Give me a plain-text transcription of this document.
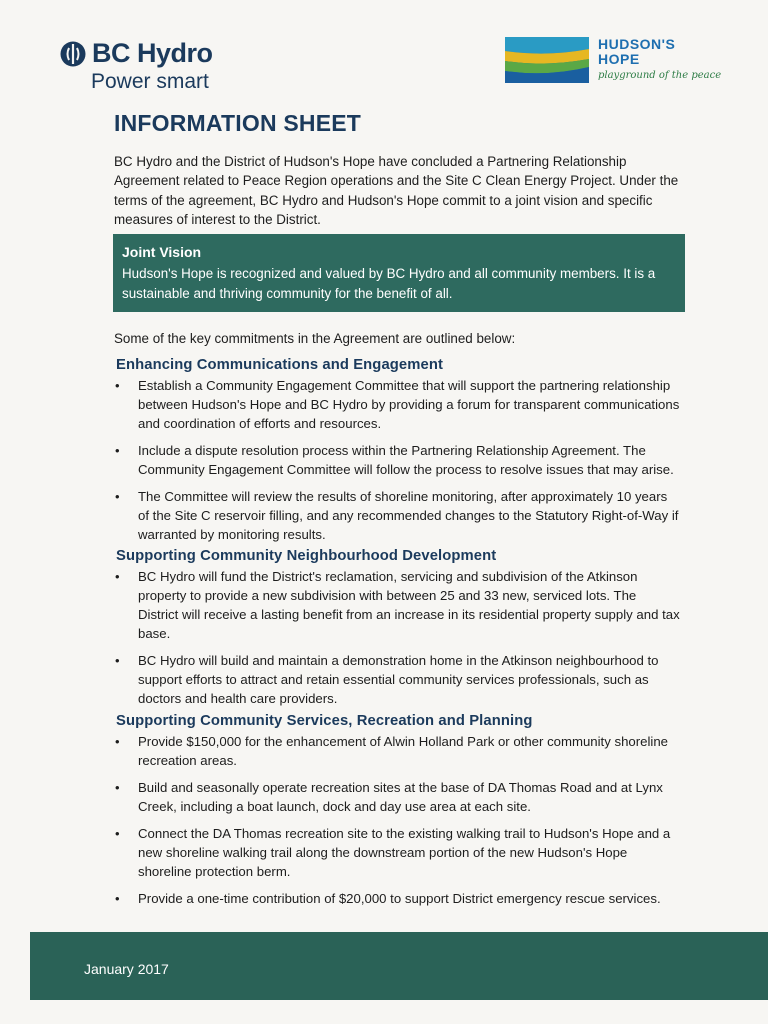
BC Hydro
Power smart
HUDSON'S
HOPE
playground of the peace
INFORMATION SHEET

BC Hydro and the District of Hudson's Hope have concluded a Partnering Relationship Agreement related to Peace Region operations and the Site C Clean Energy Project. Under the terms of the agreement, BC Hydro and Hudson's Hope commit to a joint vision and specific measures of interest to the District.

Joint Vision

Hudson's Hope is recognized and valued by BC Hydro and all community members. It is a sustainable and thriving community for the benefit of all.

Some of the key commitments in the Agreement are outlined below:

Enhancing Communications and Engagement
• Establish a Community Engagement Committee that will support the partnering relationship between Hudson's Hope and BC Hydro by providing a forum for transparent communications and coordination of efforts and resources.
• Include a dispute resolution process within the Partnering Relationship Agreement. The Community Engagement Committee will follow the process to resolve issues that may arise.
• The Committee will review the results of shoreline monitoring, after approximately 10 years of the Site C reservoir filling, and any recommended changes to the Statutory Right-of-Way if warranted by monitoring results.
Supporting Community Neighbourhood Development
• BC Hydro will fund the District's reclamation, servicing and subdivision of the Atkinson property to provide a new subdivision with between 25 and 33 new, serviced lots. The District will receive a lasting benefit from an increase in its residential property supply and tax base.
• BC Hydro will build and maintain a demonstration home in the Atkinson neighbourhood to support efforts to attract and retain essential community services professionals, such as doctors and health care providers.
Supporting Community Services, Recreation and Planning
• Provide $150,000 for the enhancement of Alwin Holland Park or other community shoreline recreation areas.
• Build and seasonally operate recreation sites at the base of DA Thomas Road and at Lynx Creek, including a boat launch, dock and day use area at each site.
• Connect the DA Thomas recreation site to the existing walking trail to Hudson's Hope and a new shoreline walking trail along the downstream portion of the new Hudson's Hope shoreline protection berm.
• Provide a one-time contribution of $20,000 to support District emergency rescue services.
January 2017
